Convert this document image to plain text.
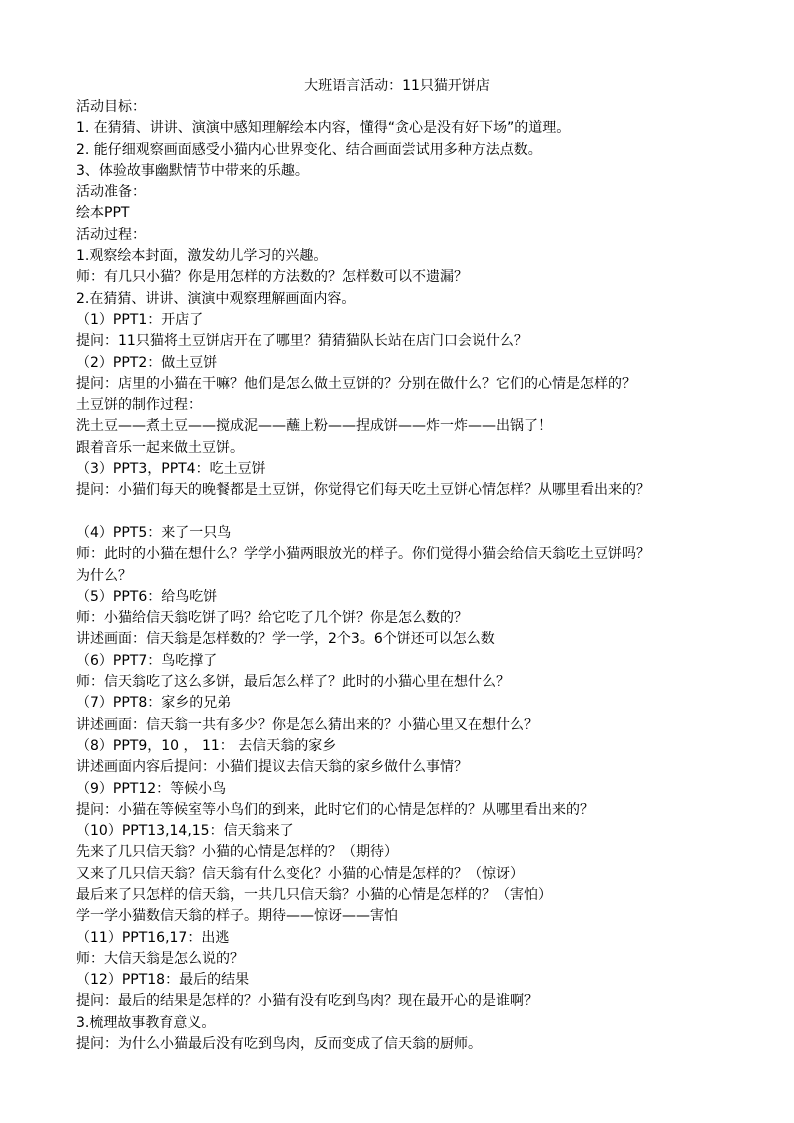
大班语言活动：11只猫开饼店
活动目标：
1. 在猜猜、讲讲、演演中感知理解绘本内容，懂得“贪心是没有好下场”的道理。
2. 能仔细观察画面感受小猫内心世界变化、结合画面尝试用多种方法点数。
3、体验故事幽默情节中带来的乐趣。
活动准备：
绘本PPT
活动过程：
1.观察绘本封面，激发幼儿学习的兴趣。
师：有几只小猫？你是用怎样的方法数的？怎样数可以不遗漏？
2.在猜猜、讲讲、演演中观察理解画面内容。
（1）PPT1：开店了
提问：11只猫将土豆饼店开在了哪里？猜猜猫队长站在店门口会说什么？
（2）PPT2：做土豆饼
提问：店里的小猫在干嘛？他们是怎么做土豆饼的？分别在做什么？它们的心情是怎样的？
土豆饼的制作过程：
洗土豆——煮土豆——搅成泥——蘸上粉——捏成饼——炸一炸——出锅了！
跟着音乐一起来做土豆饼。
（3）PPT3，PPT4：吃土豆饼
提问：小猫们每天的晚餐都是土豆饼，你觉得它们每天吃土豆饼心情怎样？从哪里看出来的？
（4）PPT5：来了一只鸟
师：此时的小猫在想什么？学学小猫两眼放光的样子。你们觉得小猫会给信天翁吃土豆饼吗？
为什么？
（5）PPT6：给鸟吃饼
师：小猫给信天翁吃饼了吗？给它吃了几个饼？你是怎么数的？
讲述画面：信天翁是怎样数的？学一学，2个3。6个饼还可以怎么数
（6）PPT7：鸟吃撑了
师：信天翁吃了这么多饼，最后怎么样了？此时的小猫心里在想什么？
（7）PPT8：家乡的兄弟
讲述画面：信天翁一共有多少？你是怎么猜出来的？小猫心里又在想什么？
（8）PPT9，10 ， 11： 去信天翁的家乡
讲述画面内容后提问：小猫们提议去信天翁的家乡做什么事情？
（9）PPT12：等候小鸟
提问：小猫在等候室等小鸟们的到来，此时它们的心情是怎样的？从哪里看出来的？
（10）PPT13,14,15：信天翁来了
先来了几只信天翁？小猫的心情是怎样的？（期待）
又来了几只信天翁？信天翁有什么变化？小猫的心情是怎样的？（惊讶）
最后来了只怎样的信天翁，一共几只信天翁？小猫的心情是怎样的？（害怕）
学一学小猫数信天翁的样子。期待——惊讶——害怕
（11）PPT16,17：出逃
师：大信天翁是怎么说的？
（12）PPT18：最后的结果
提问：最后的结果是怎样的？小猫有没有吃到鸟肉？现在最开心的是谁啊？
3.梳理故事教育意义。
提问：为什么小猫最后没有吃到鸟肉，反而变成了信天翁的厨师。
